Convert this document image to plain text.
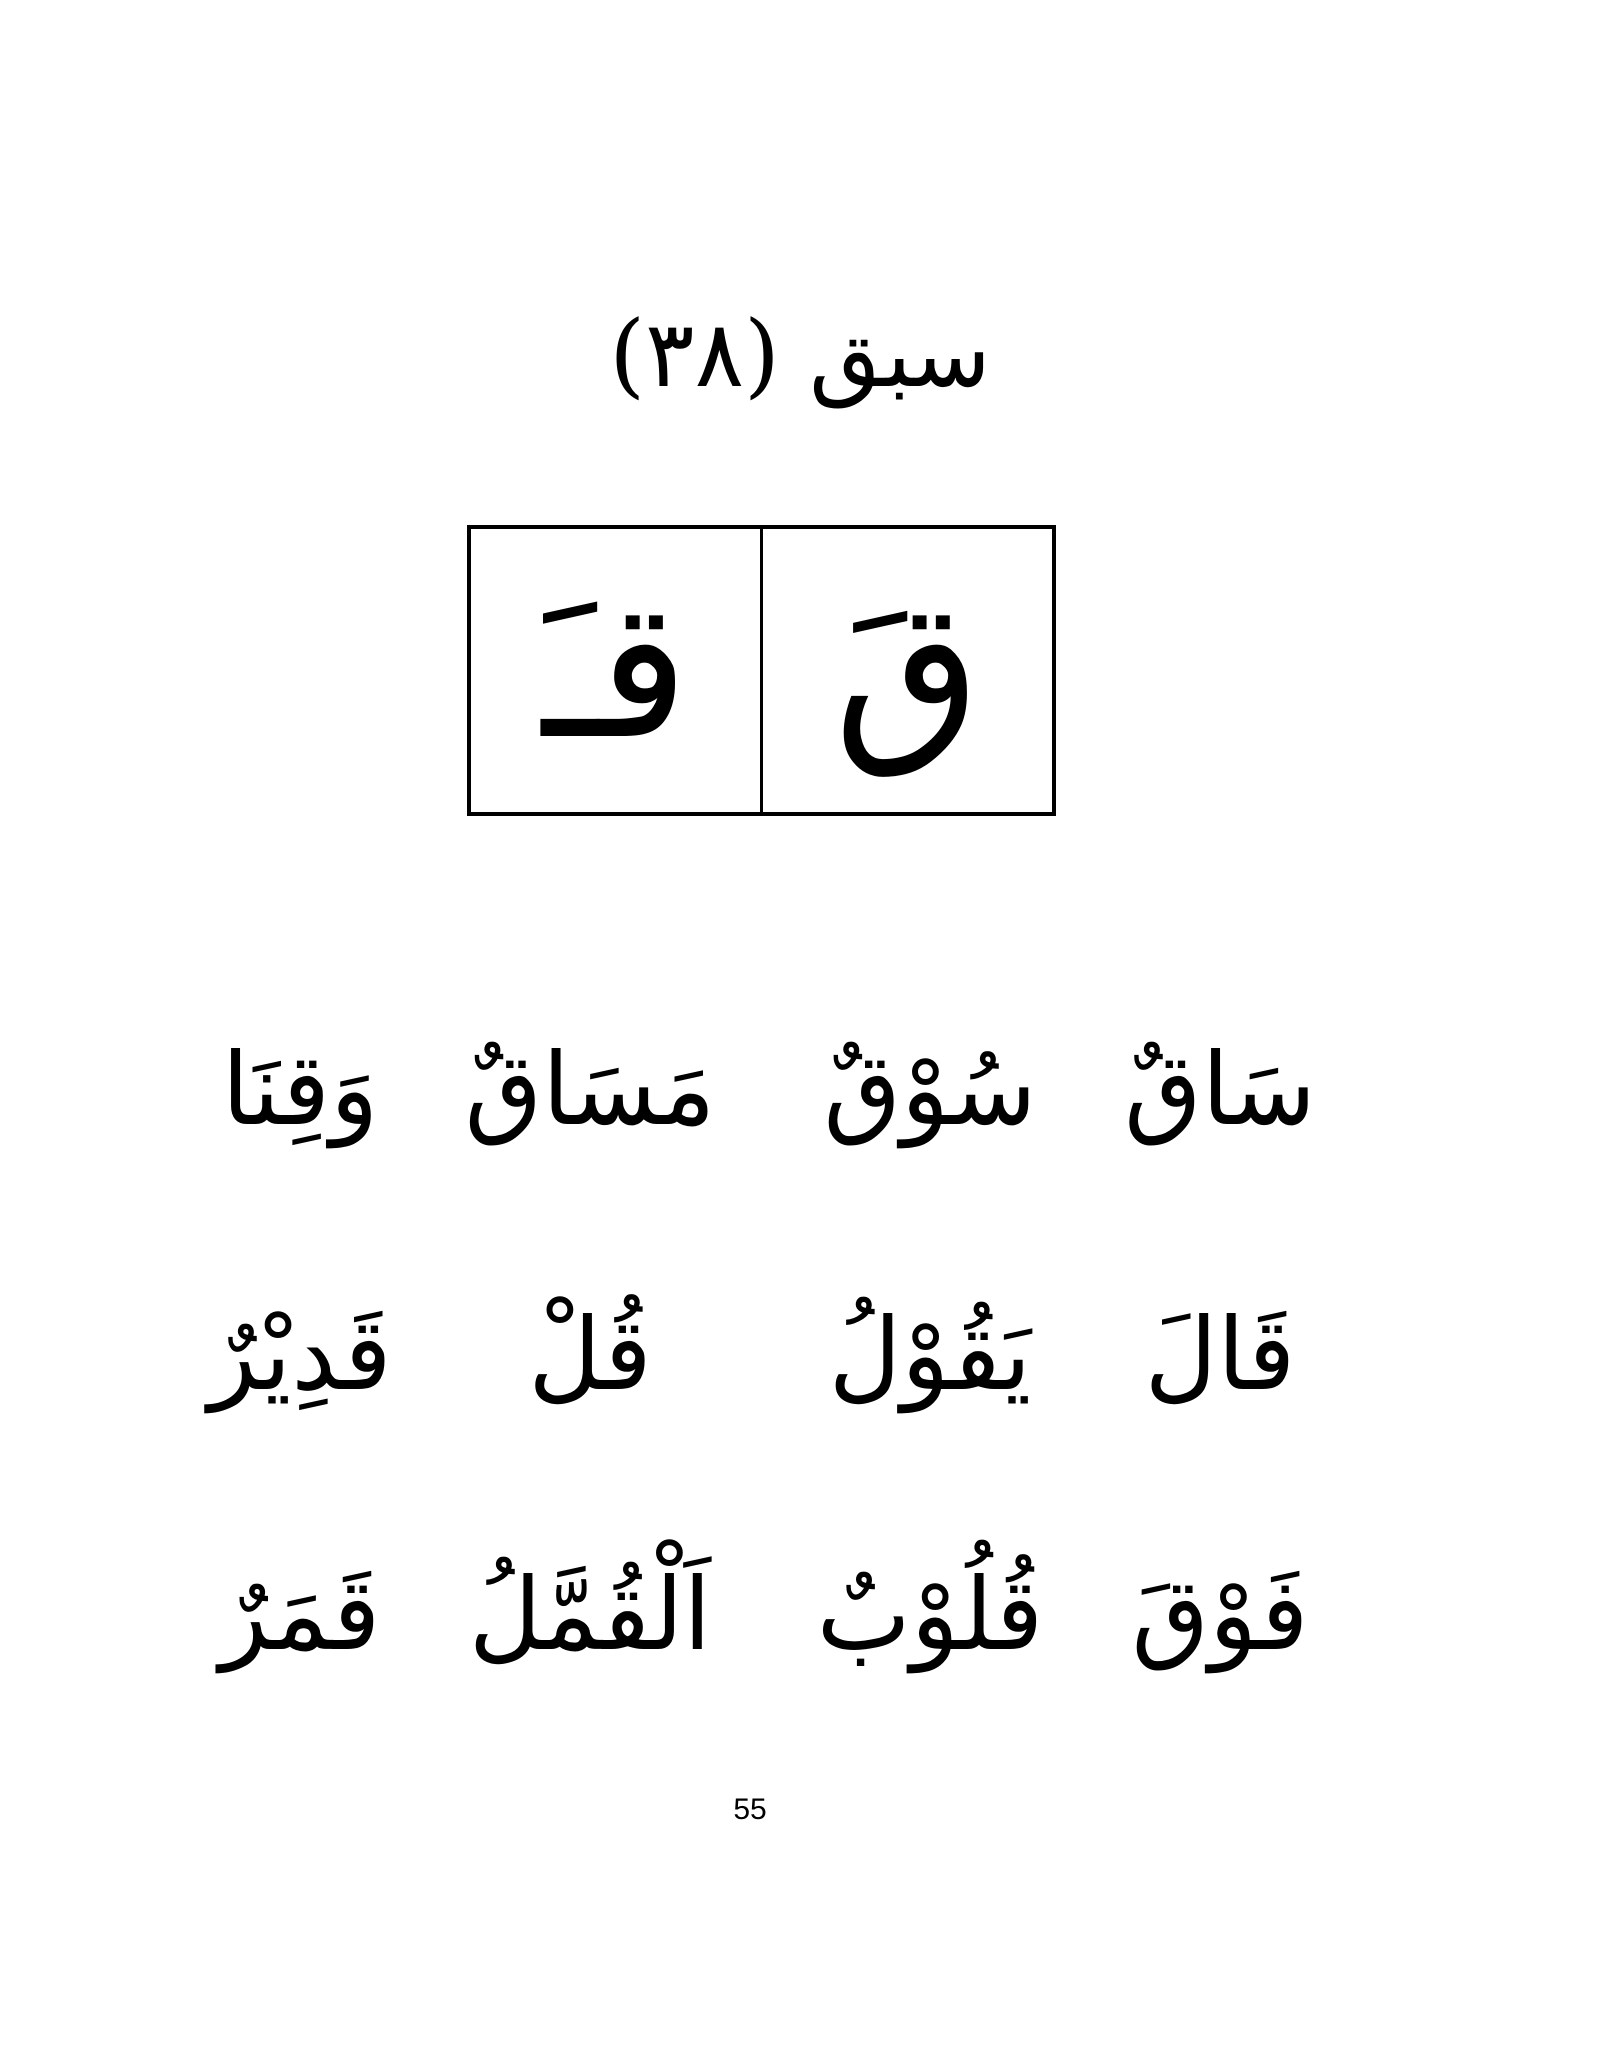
سبق (۳۸)
قـَ قَ
سَاقٌ
سُوْقٌ
مَسَاقٌ
وَقِنَا
قَالَ
يَقُوْلُ
قُلْ
قَدِيْرٌ
فَوْقَ
قُلُوْبٌ
اَلْقُمَّلُ
قَمَرٌ
55
